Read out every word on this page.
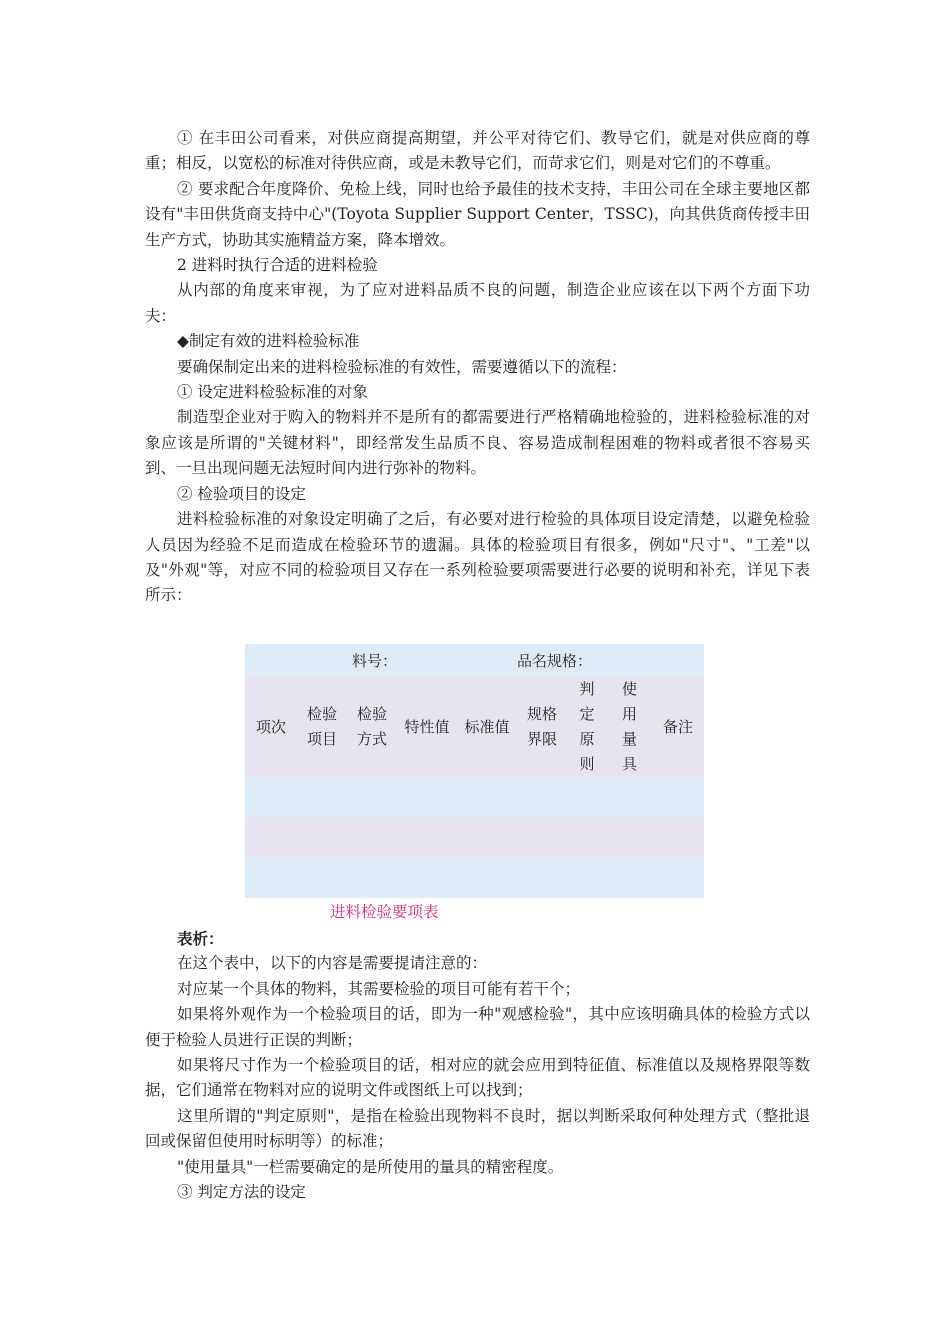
① 在丰田公司看来，对供应商提高期望，并公平对待它们、教导它们，就是对供应商的尊重；相反，以宽松的标准对待供应商，或是未教导它们，而苛求它们，则是对它们的不尊重。

② 要求配合年度降价、免检上线，同时也给予最佳的技术支持，丰田公司在全球主要地区都设有"丰田供货商支持中心"(Toyota Supplier Support Center，TSSC)，向其供货商传授丰田生产方式，协助其实施精益方案，降本增效。

2 进料时执行合适的进料检验

从内部的角度来审视，为了应对进料品质不良的问题，制造企业应该在以下两个方面下功夫：

◆制定有效的进料检验标准

要确保制定出来的进料检验标准的有效性，需要遵循以下的流程：

① 设定进料检验标准的对象

制造型企业对于购入的物料并不是所有的都需要进行严格精确地检验的，进料检验标准的对象应该是所谓的"关键材料"，即经常发生品质不良、容易造成制程困难的物料或者很不容易买到、一旦出现问题无法短时间内进行弥补的物料。

② 检验项目的设定

进料检验标准的对象设定明确了之后，有必要对进行检验的具体项目设定清楚，以避免检验人员因为经验不足而造成在检验环节的遗漏。具体的检验项目有很多，例如"尺寸"、"工差"以及"外观"等，对应不同的检验项目又存在一系列检验要项需要进行必要的说明和补充，详见下表所示：

料号：					品名规格：			
项次	检验项目	检验方式	特性值	标准值	规格界限	判定原则	使用量具	备注

进料检验要项表

表析：

在这个表中，以下的内容是需要提请注意的：

对应某一个具体的物料，其需要检验的项目可能有若干个；

如果将外观作为一个检验项目的话，即为一种"观感检验"，其中应该明确具体的检验方式以便于检验人员进行正误的判断；

如果将尺寸作为一个检验项目的话，相对应的就会应用到特征值、标准值以及规格界限等数据，它们通常在物料对应的说明文件或图纸上可以找到；

这里所谓的"判定原则"，是指在检验出现物料不良时，据以判断采取何种处理方式（整批退回或保留但使用时标明等）的标准；

"使用量具"一栏需要确定的是所使用的量具的精密程度。

③ 判定方法的设定
